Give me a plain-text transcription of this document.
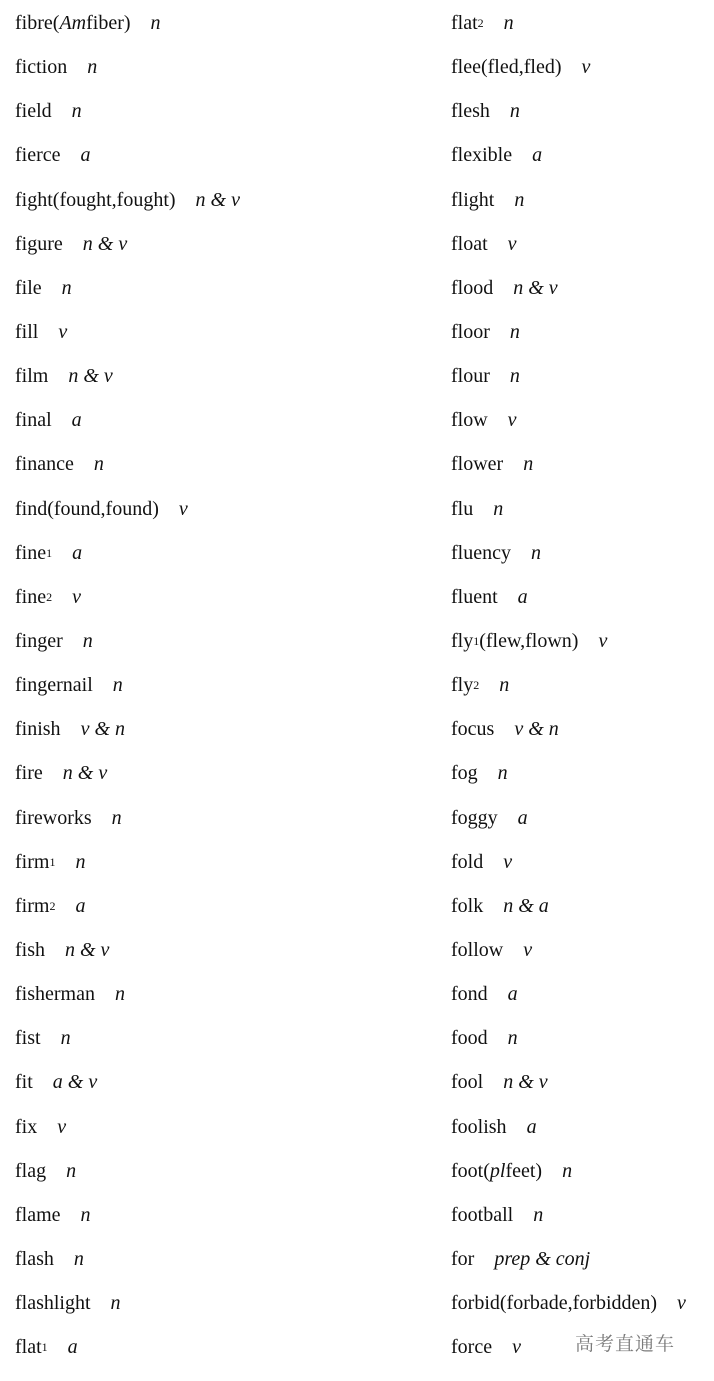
fibre ( Am fiber) n
fiction n
field n
fierce a
fight (fought,fought) n & v
figure n & v
file n
fill v
film n & v
final a
finance n
find (found,found) v
fine 1 a
fine 2 v
finger n
fingernail n
finish v & n
fire n & v
fireworks n
firm 1 n
firm 2 a
fish n & v
fisherman n
fist n
fit a & v
fix v
flag n
flame n
flash n
flashlight n
flat 1 a
flat 2 n
flee (fled,fled) v
flesh n
flexible a
flight n
float v
flood n & v
floor n
flour n
flow v
flower n
flu n
fluency n
fluent a
fly 1 (flew,flown) v
fly 2 n
focus v & n
fog n
foggy a
fold v
folk n & a
follow v
fond a
food n
fool n & v
foolish a
foot ( pl feet) n
football n
for prep & conj
forbid (forbade,forbidden) v
force v	高考直通车
